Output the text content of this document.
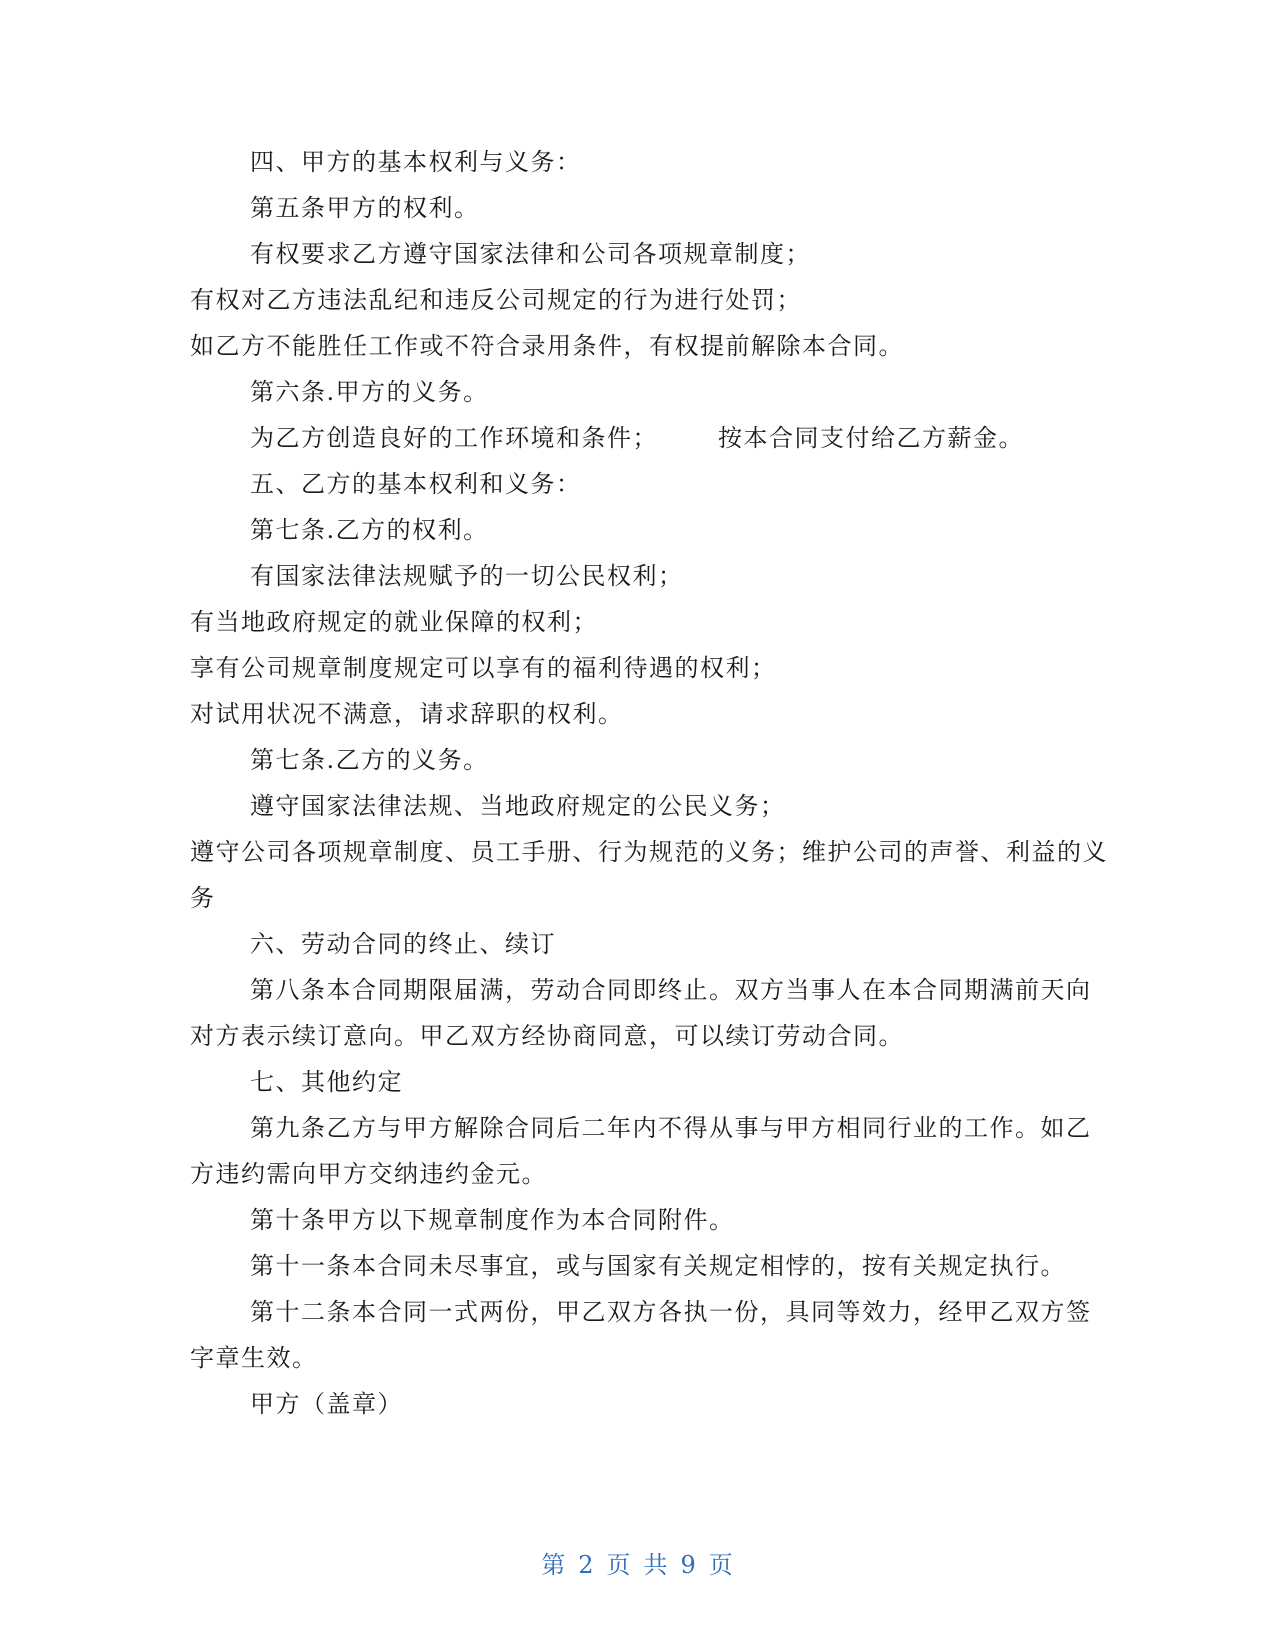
四、甲方的基本权利与义务：
第五条甲方的权利。
有权要求乙方遵守国家法律和公司各项规章制度；
有权对乙方违法乱纪和违反公司规定的行为进行处罚；
如乙方不能胜任工作或不符合录用条件，有权提前解除本合同。
第六条.甲方的义务。
为乙方创造良好的工作环境和条件；	按本合同支付给乙方薪金。
五、乙方的基本权利和义务：
第七条.乙方的权利。
有国家法律法规赋予的一切公民权利；
有当地政府规定的就业保障的权利；
享有公司规章制度规定可以享有的福利待遇的权利；
对试用状况不满意，请求辞职的权利。
第七条.乙方的义务。
遵守国家法律法规、当地政府规定的公民义务；
遵守公司各项规章制度、员工手册、行为规范的义务；维护公司的声誉、利益的义
务
六、劳动合同的终止、续订
第八条本合同期限届满，劳动合同即终止。双方当事人在本合同期满前天向
对方表示续订意向。甲乙双方经协商同意，可以续订劳动合同。
七、其他约定
第九条乙方与甲方解除合同后二年内不得从事与甲方相同行业的工作。如乙
方违约需向甲方交纳违约金元。
第十条甲方以下规章制度作为本合同附件。
第十一条本合同未尽事宜，或与国家有关规定相悖的，按有关规定执行。
第十二条本合同一式两份，甲乙双方各执一份，具同等效力，经甲乙双方签
字章生效。
甲方（盖章）
第 2 页 共 9 页
